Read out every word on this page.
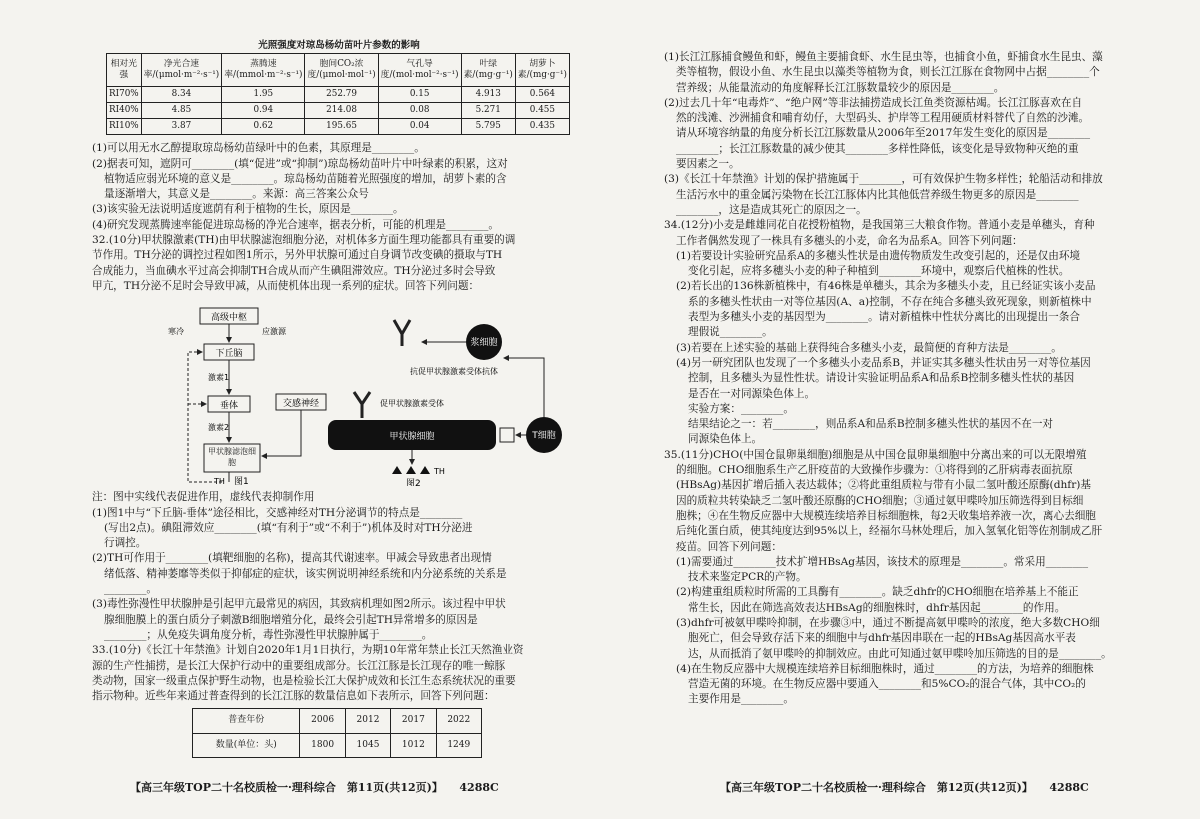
光照强度对琼岛杨幼苗叶片参数的影响

相对光强	净光合速率/(μmol·m⁻²·s⁻¹)	蒸腾速率/(mmol·m⁻²·s⁻¹)	胞间CO₂浓度/(μmol·mol⁻¹)	气孔导度/(mol·mol⁻²·s⁻¹)	叶绿素/(mg·g⁻¹)	胡萝卜素/(mg·g⁻¹)
RI70%	8.34	1.95	252.79	0.15	4.913	0.564
RI40%	4.85	0.94	214.08	0.08	5.271	0.455
RI10%	3.87	0.62	195.65	0.04	5.795	0.435

(1)可以用无水乙醇提取琼岛杨幼苗绿叶中的色素，其原理是________。

(2)据表可知，遮阴可________(填“促进”或“抑制”)琼岛杨幼苗叶片中叶绿素的积累，这对

植物适应弱光环境的意义是________。琼岛杨幼苗随着光照强度的增加，胡萝卜素的含

量逐渐增大，其意义是________。来源：高三答案公众号

(3)该实验无法说明适度遮荫有利于植物的生长，原因是________。

(4)研究发现蒸腾速率能促进琼岛杨的净光合速率，据表分析，可能的机理是________。

32.(10分)甲状腺激素(TH)由甲状腺滤泡细胞分泌，对机体多方面生理功能都具有重要的调

节作用。TH分泌的调控过程如图1所示，另外甲状腺可通过自身调节改变碘的摄取与TH

合成能力，当血碘水平过高会抑制TH合成从而产生碘阻滞效应。TH分泌过多时会导致

甲亢，TH分泌不足时会导致甲减，从而使机体出现一系列的症状。回答下列问题：

高级中枢
寒冷	应激源
下丘脑
激素1
垂体
激素2
甲状腺滤泡细胞
交感神经
TH 图1
抗促甲状腺激素受体抗体
促甲状腺激素受体
甲状腺细胞
浆细胞
T细胞
TH
图2

注：图中实线代表促进作用，虚线代表抑制作用

(1)图1中与“下丘脑-垂体”途径相比，交感神经对TH分泌调节的特点是________

(写出2点)。碘阻滞效应________(填“有利于”或“不利于”)机体及时对TH分泌进

行调控。

(2)TH可作用于________(填靶细胞的名称)，提高其代谢速率。甲减会导致患者出现情

绪低落、精神萎靡等类似于抑郁症的症状，该实例说明神经系统和内分泌系统的关系是

________。

(3)毒性弥漫性甲状腺肿是引起甲亢最常见的病因，其致病机理如图2所示。该过程中甲状

腺细胞膜上的蛋白质分子刺激B细胞增殖分化，最终会引起TH异常增多的原因是

________；从免疫失调角度分析，毒性弥漫性甲状腺肿属于________。

33.(10分)《长江十年禁渔》计划自2020年1月1日执行，为期10年常年禁止长江天然渔业资

源的生产性捕捞，是长江大保护行动中的重要组成部分。长江江豚是长江现存的唯一鲸豚

类动物，国家一级重点保护野生动物，也是检验长江大保护成效和长江生态系统状况的重要

指示物种。近些年来通过普查得到的长江江豚的数量信息如下表所示，回答下列问题：

普查年份	2006	2012	2017	2022
数量(单位：头)	1800	1045	1012	1249
【高三年级TOP二十名校质检一·理科综合　第11页(共12页)】　　4288C

(1)长江江豚捕食鳗鱼和虾，鳗鱼主要捕食虾、水生昆虫等，也捕食小鱼，虾捕食水生昆虫、藻

类等植物，假设小鱼、水生昆虫以藻类等植物为食，则长江江豚在食物网中占据________个

营养级；从能量流动的角度解释长江江豚数量较少的原因是________。

(2)过去几十年“电毒炸”、“绝户网”等非法捕捞造成长江鱼类资源枯竭。长江江豚喜欢在自

然的浅滩、沙洲捕食和哺育幼仔，大型码头、护岸等工程用硬质材料替代了自然的沙滩。

请从环境容纳量的角度分析长江江豚数量从2006年至2017年发生变化的原因是________

________；长江江豚数量的减少使其________多样性降低，该变化是导致物种灭绝的重

要因素之一。

(3)《长江十年禁渔》计划的保护措施属于________，可有效保护生物多样性；轮船活动和排放

生活污水中的重金属污染物在长江江豚体内比其他低营养级生物更多的原因是________

________，这是造成其死亡的原因之一。

34.(12分)小麦是雌雄同花自花授粉植物，是我国第三大粮食作物。普通小麦是单穗头，育种

工作者偶然发现了一株具有多穗头的小麦，命名为品系A。回答下列问题：

(1)若要设计实验研究品系A的多穗头性状是由遗传物质发生改变引起的，还是仅由环境

变化引起，应将多穗头小麦的种子种植到________环境中，观察后代植株的性状。

(2)若长出的136株新植株中，有46株是单穗头，其余为多穗头小麦，且已经证实该小麦品

系的多穗头性状由一对等位基因(A、a)控制，不存在纯合多穗头致死现象，则新植株中

表型为多穗头小麦的基因型为________。请对新植株中性状分离比的出现提出一条合

理假说________。

(3)若要在上述实验的基础上获得纯合多穗头小麦，最简便的育种方法是________。

(4)另一研究团队也发现了一个多穗头小麦品系B，并证实其多穗头性状由另一对等位基因

控制，且多穗头为显性性状。请设计实验证明品系A和品系B控制多穗头性状的基因

是否在一对同源染色体上。

实验方案：________。

结果结论之一：若________，则品系A和品系B控制多穗头性状的基因不在一对

同源染色体上。

35.(11分)CHO(中国仓鼠卵巢细胞)细胞是从中国仓鼠卵巢细胞中分离出来的可以无限增殖

的细胞。CHO细胞系生产乙肝疫苗的大致操作步骤为：①将得到的乙肝病毒表面抗原

(HBsAg)基因扩增后插入表达载体；②将此重组质粒与带有小鼠二氢叶酸还原酶(dhfr)基

因的质粒共转染缺乏二氢叶酸还原酶的CHO细胞；③通过氨甲喋呤加压筛选得到目标细

胞株；④在生物反应器中大规模连续培养目标细胞株，每2天收集培养液一次，离心去细胞

后纯化蛋白质，使其纯度达到95%以上，经福尔马林处理后，加入氢氧化铝等佐剂制成乙肝

疫苗。回答下列问题：

(1)需要通过________技术扩增HBsAg基因，该技术的原理是________。常采用________

技术来鉴定PCR的产物。

(2)构建重组质粒时所需的工具酶有________。缺乏dhfr的CHO细胞在培养基上不能正

常生长，因此在筛选高效表达HBsAg的细胞株时，dhfr基因起________的作用。

(3)dhfr可被氨甲喋呤抑制，在步骤③中，通过不断提高氨甲喋呤的浓度，绝大多数CHO细

胞死亡，但会导致存活下来的细胞中与dhfr基因串联在一起的HBsAg基因高水平表

达，从而抵消了氨甲喋呤的抑制效应。由此可知通过氨甲喋呤加压筛选的目的是________。

(4)在生物反应器中大规模连续培养目标细胞株时，通过________的方法，为培养的细胞株

营造无菌的环境。在生物反应器中要通入________和5%CO₂的混合气体，其中CO₂的

主要作用是________。

【高三年级TOP二十名校质检一·理科综合　第12页(共12页)】　　4288C
